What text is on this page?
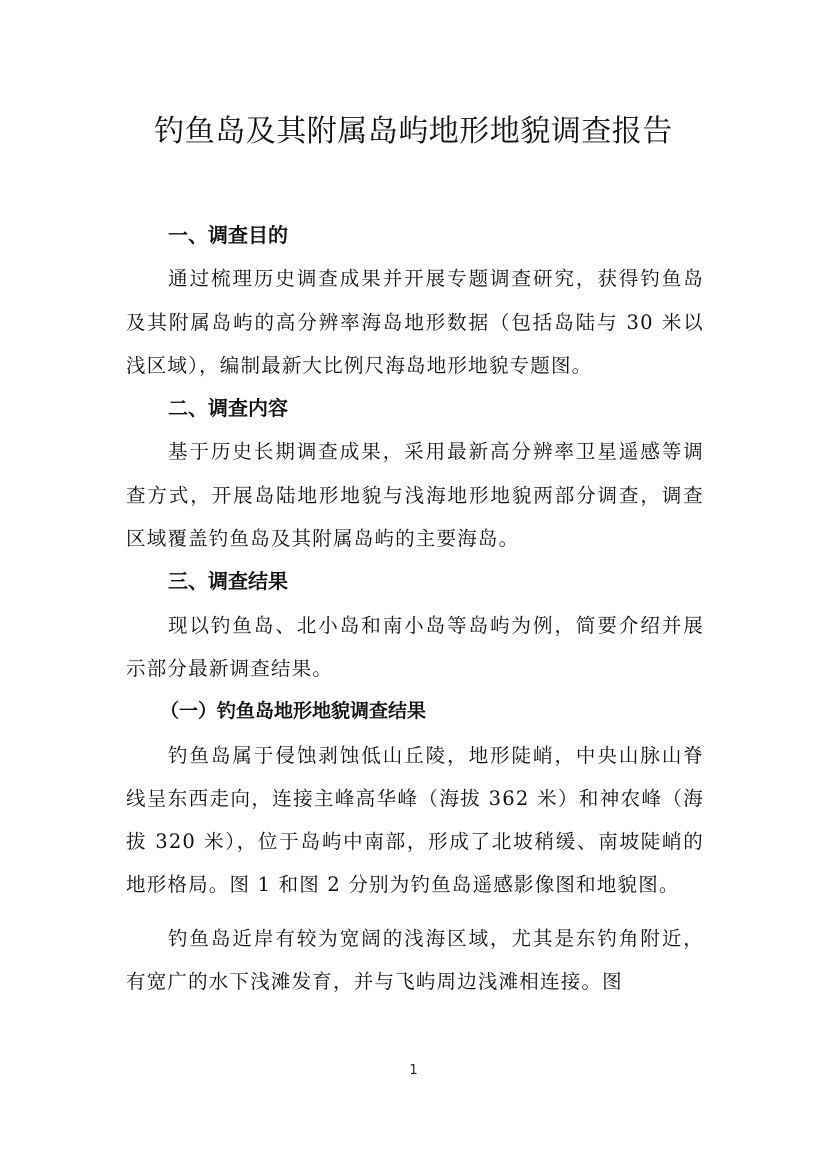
钓鱼岛及其附属岛屿地形地貌调查报告
一、调查目的

通过梳理历史调查成果并开展专题调查研究，获得钓鱼岛及其附属岛屿的高分辨率海岛地形数据（包括岛陆与 30 米以浅区域），编制最新大比例尺海岛地形地貌专题图。

二、调查内容

基于历史长期调查成果，采用最新高分辨率卫星遥感等调查方式，开展岛陆地形地貌与浅海地形地貌两部分调查，调查区域覆盖钓鱼岛及其附属岛屿的主要海岛。

三、调查结果

现以钓鱼岛、北小岛和南小岛等岛屿为例，简要介绍并展示部分最新调查结果。

（一）钓鱼岛地形地貌调查结果

钓鱼岛属于侵蚀剥蚀低山丘陵，地形陡峭，中央山脉山脊线呈东西走向，连接主峰高华峰（海拔 362 米）和神农峰（海拔 320 米），位于岛屿中南部，形成了北坡稍缓、南坡陡峭的地形格局。图 1 和图 2 分别为钓鱼岛遥感影像图和地貌图。

钓鱼岛近岸有较为宽阔的浅海区域，尤其是东钓角附近，有宽广的水下浅滩发育，并与飞屿周边浅滩相连接。图

1
